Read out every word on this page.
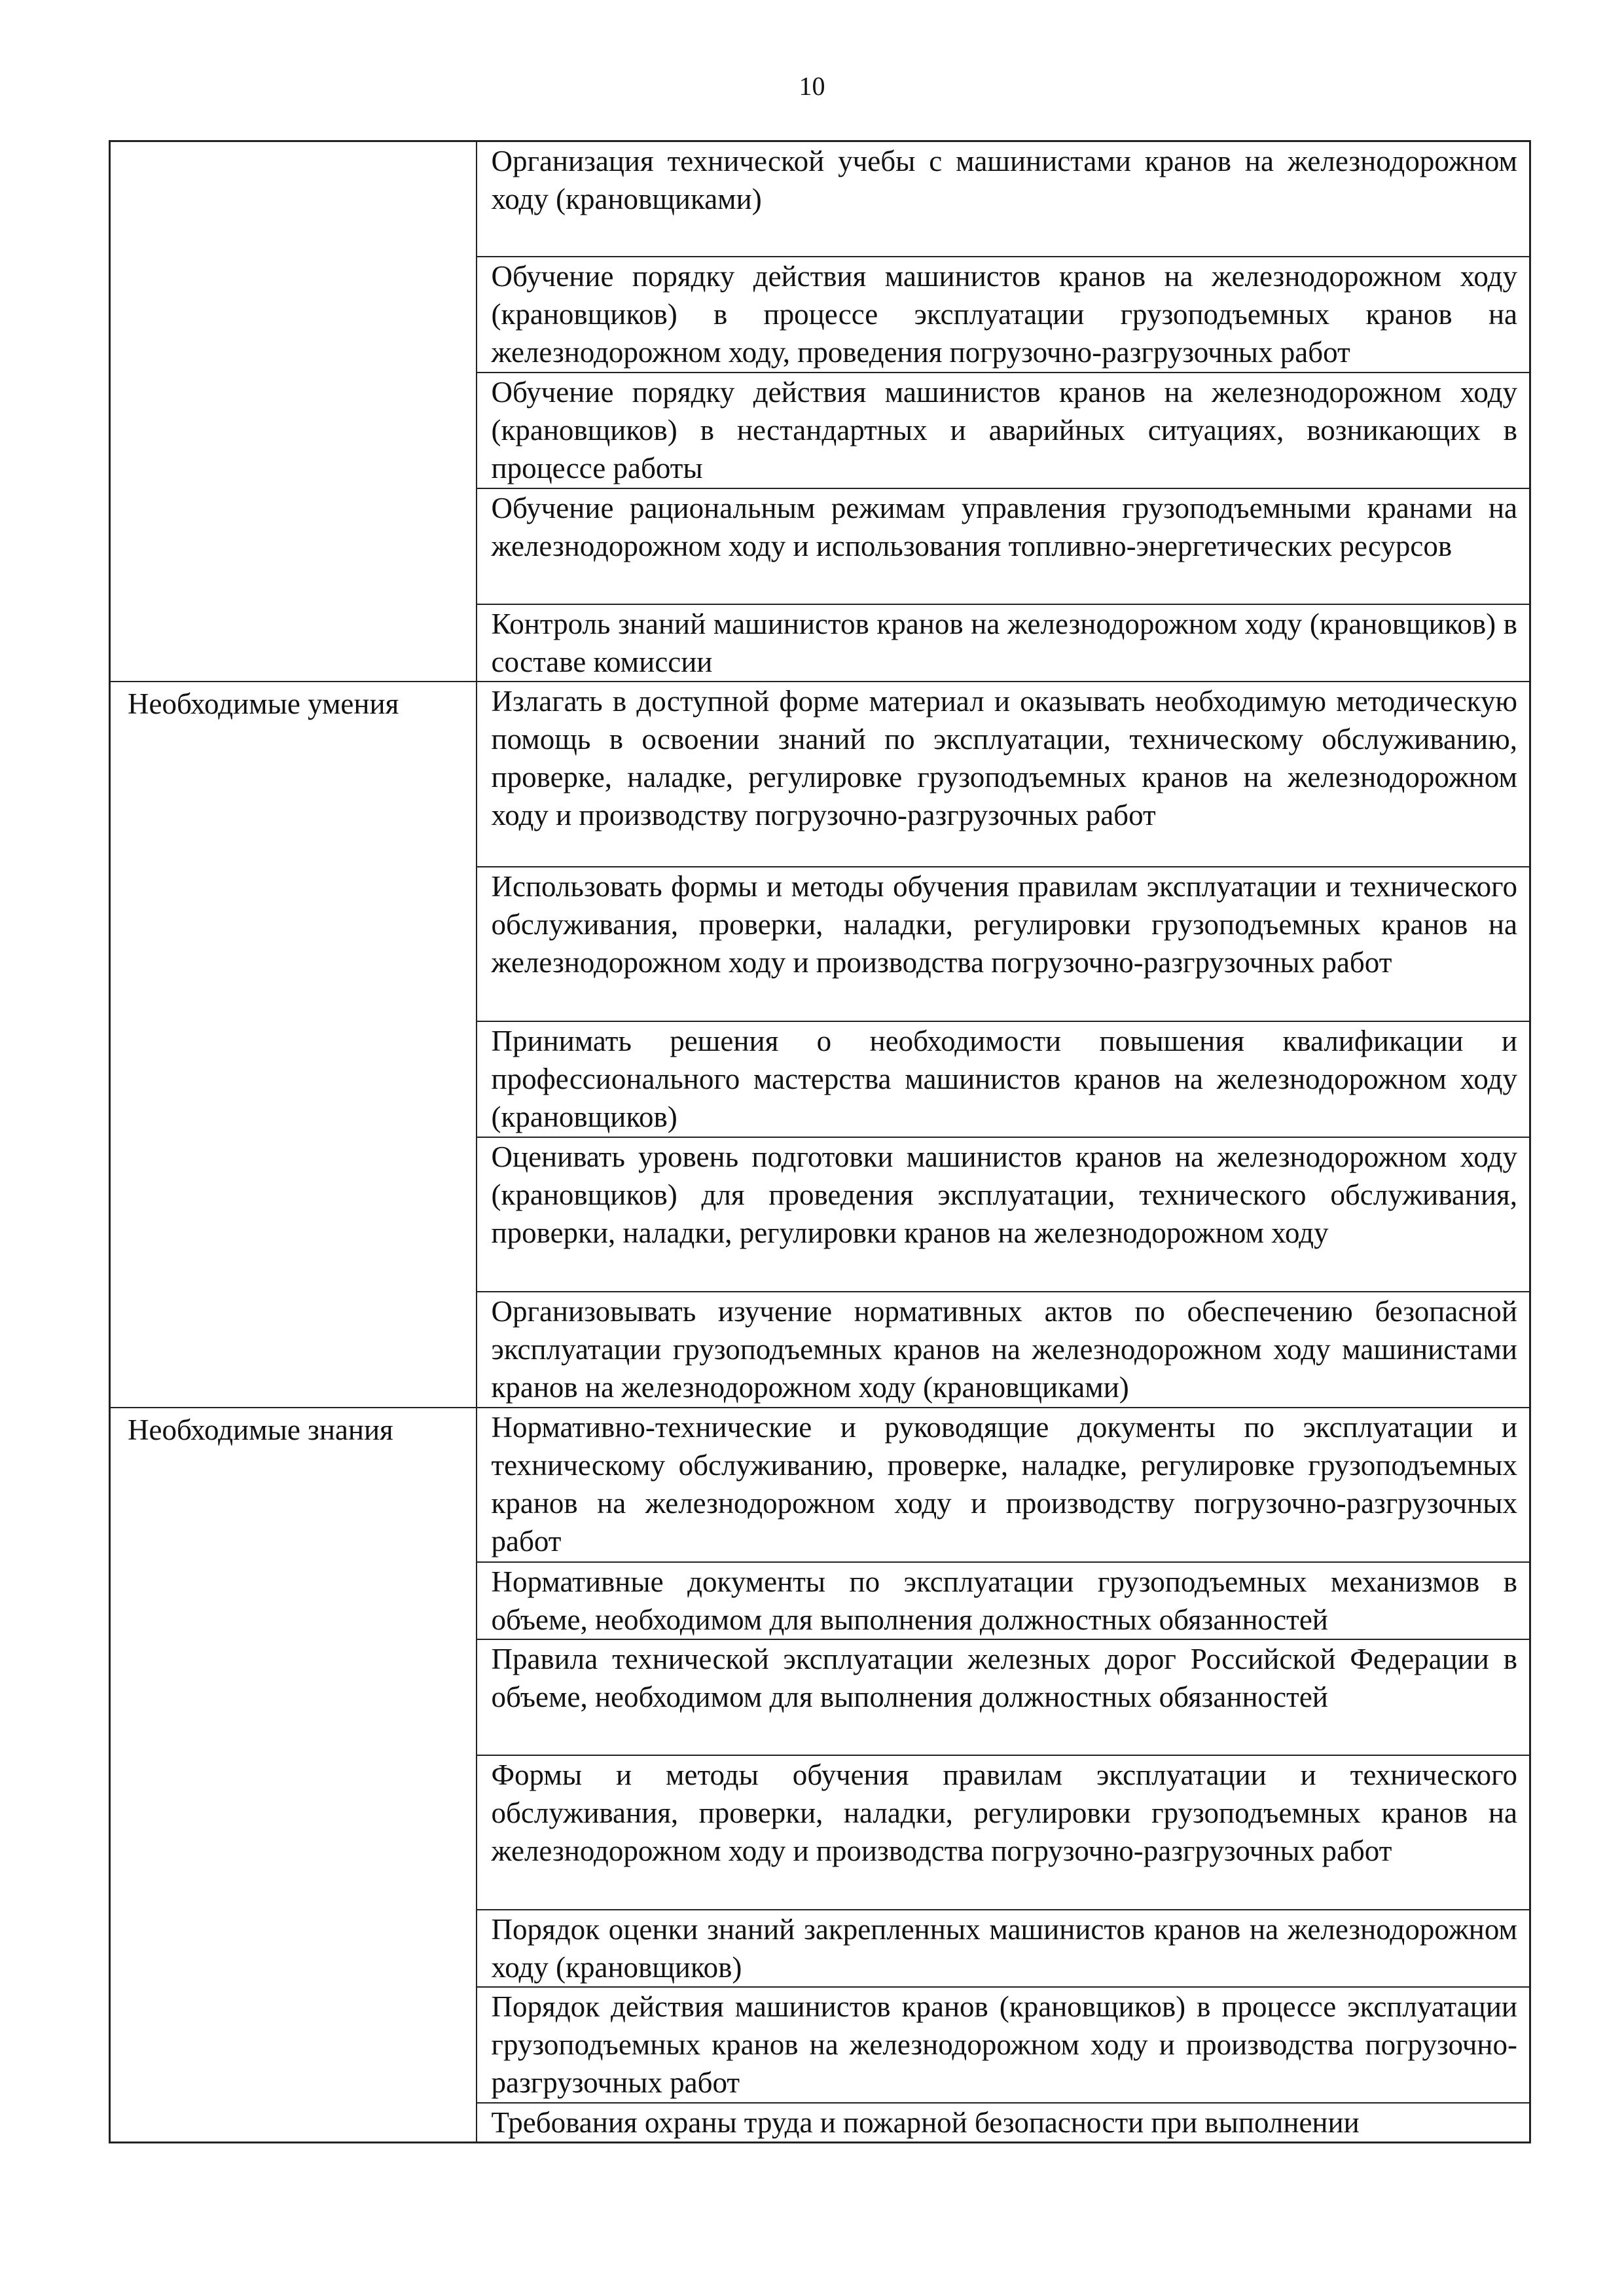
10
	Организация технической учебы с машинистами кранов на железнодорожном ходу (крановщиками)
	Обучение порядку действия машинистов кранов на железнодорожном ходу (крановщиков) в процессе эксплуатации грузоподъемных кранов на железнодорожном ходу, проведения погрузочно-разгрузочных работ
	Обучение порядку действия машинистов кранов на железнодорожном ходу (крановщиков) в нестандартных и аварийных ситуациях, возникающих в процессе работы
	Обучение рациональным режимам управления грузоподъемными кранами на железнодорожном ходу и использования топливно-энергетических ресурсов
	Контроль знаний машинистов кранов на железнодорожном ходу (крановщиков) в составе комиссии
Необходимые умения	Излагать в доступной форме материал и оказывать необходимую методическую помощь в освоении знаний по эксплуатации, техническому обслуживанию, проверке, наладке, регулировке грузоподъемных кранов на железнодорожном ходу и производству погрузочно-разгрузочных работ
	Использовать формы и методы обучения правилам эксплуатации и технического обслуживания, проверки, наладки, регулировки грузоподъемных кранов на железнодорожном ходу и производства погрузочно-разгрузочных работ
	Принимать решения о необходимости повышения квалификации и профессионального мастерства машинистов кранов на железнодорожном ходу (крановщиков)
	Оценивать уровень подготовки машинистов кранов на железнодорожном ходу (крановщиков) для проведения эксплуатации, технического обслуживания, проверки, наладки, регулировки кранов на железнодорожном ходу
	Организовывать изучение нормативных актов по обеспечению безопасной эксплуатации грузоподъемных кранов на железнодорожном ходу машинистами кранов на железнодорожном ходу (крановщиками)
Необходимые знания	Нормативно-технические и руководящие документы по эксплуатации и техническому обслуживанию, проверке, наладке, регулировке грузоподъемных кранов на железнодорожном ходу и производству погрузочно-разгрузочных работ
	Нормативные документы по эксплуатации грузоподъемных механизмов в объеме, необходимом для выполнения должностных обязанностей
	Правила технической эксплуатации железных дорог Российской Федерации в объеме, необходимом для выполнения должностных обязанностей
	Формы и методы обучения правилам эксплуатации и технического обслуживания, проверки, наладки, регулировки грузоподъемных кранов на железнодорожном ходу и производства погрузочно-разгрузочных работ
	Порядок оценки знаний закрепленных машинистов кранов на железнодорожном ходу (крановщиков)
	Порядок действия машинистов кранов (крановщиков) в процессе эксплуатации грузоподъемных кранов на железнодорожном ходу и производства погрузочно-разгрузочных работ
	Требования охраны труда и пожарной безопасности при выполнении
